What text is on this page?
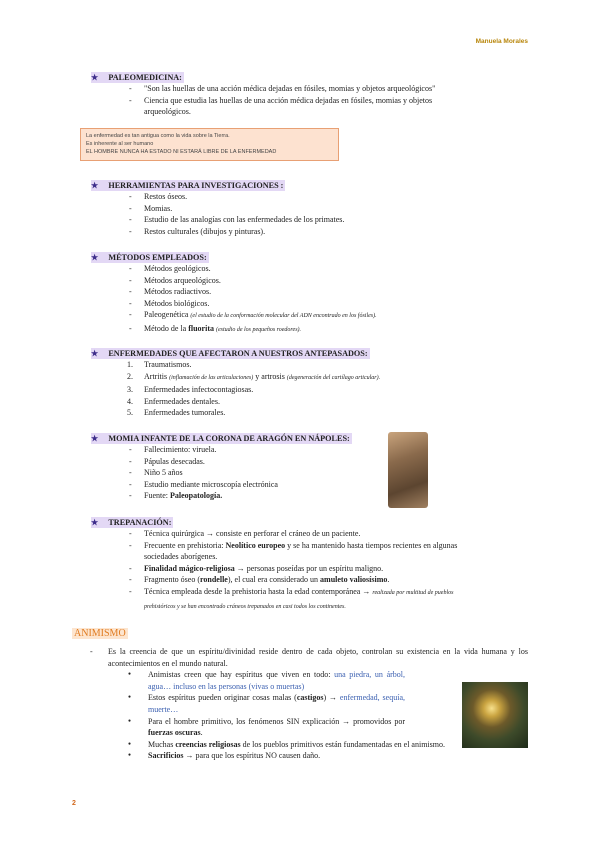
Manuela Morales
★ PALEOMEDICINA:
- "Son las huellas de una acción médica dejadas en fósiles, momias y objetos arqueológicos"
- Ciencia que estudia las huellas de una acción médica dejadas en fósiles, momias y objetos
arqueológicos.
La enfermedad es tan antigua como la vida sobre la Tierra.
Es inherente al ser humano
EL HOMBRE NUNCA HA ESTADO NI ESTARÁ LIBRE DE LA ENFERMEDAD
★ HERRAMIENTAS PARA INVESTIGACIONES :
- Restos óseos.
- Momias.
- Estudio de las analogías con las enfermedades de los primates.
- Restos culturales (dibujos y pinturas).
★ MÉTODOS EMPLEADOS:
- Métodos geológicos.
- Métodos arqueológicos.
- Métodos radiactivos.
- Métodos biológicos.
- Paleogenética (el estudio de la conformación molecular del ADN encontrado en los fósiles).
- Método de la fluorita (estudio de los pequeños roedores).
★ ENFERMEDADES QUE AFECTARON A NUESTROS ANTEPASADOS:
1. Traumatismos.
2. Artritis (inflamación de las articulaciones) y artrosis (degeneración del cartílago articular).
3. Enfermedades infectocontagiosas.
4. Enfermedades dentales.
5. Enfermedades tumorales.
★ MOMIA INFANTE DE LA CORONA DE ARAGÓN EN NÁPOLES:
- Fallecimiento: viruela.
- Pápulas desecadas.
- Niño 5 años
- Estudio mediante microscopía electrónica
- Fuente: Paleopatología.
★ TREPANACIÓN:
- Técnica quirúrgica → consiste en perforar el cráneo de un paciente.
- Frecuente en prehistoria: Neolítico europeo y se ha mantenido hasta tiempos recientes en algunas
sociedades aborígenes.
- Finalidad mágico-religiosa → personas poseídas por un espíritu maligno.
- Fragmento óseo (rondelle), el cual era considerado un amuleto valiosísimo.
- Técnica empleada desde la prehistoria hasta la edad contemporánea → realizada por multitud de pueblos
prehistóricos y se han encontrado cráneos trepanados en casi todos los continentes.
ANIMISMO
- Es la creencia de que un espíritu/divinidad reside dentro de cada objeto, controlan su existencia en la vida humana y los acontecimientos en el mundo natural.
● Animistas creen que hay espíritus que viven en todo: una piedra, un árbol, agua… incluso en las personas (vivas o muertas)
● Estos espíritus pueden originar cosas malas (castigos) → enfermedad, sequía, muerte…
● Para el hombre primitivo, los fenómenos SIN explicación → promovidos por fuerzas oscuras.
● Muchas creencias religiosas de los pueblos primitivos están fundamentadas en el animismo.
● Sacrificios → para que los espíritus NO causen daño.
2
